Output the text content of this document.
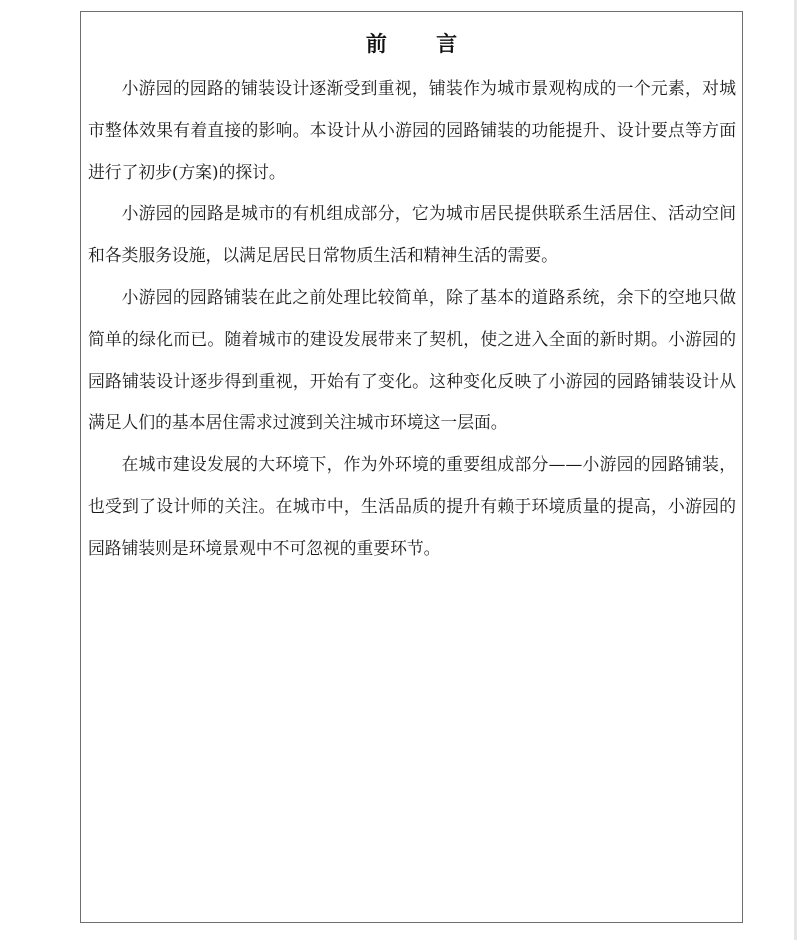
前 言

小游园的园路的铺装设计逐渐受到重视，铺装作为城市景观构成的一个元素，对城市整体效果有着直接的影响。本设计从小游园的园路铺装的功能提升、设计要点等方面进行了初步(方案)的探讨。

小游园的园路是城市的有机组成部分，它为城市居民提供联系生活居住、活动空间和各类服务设施，以满足居民日常物质生活和精神生活的需要。

小游园的园路铺装在此之前处理比较简单，除了基本的道路系统，余下的空地只做简单的绿化而已。随着城市的建设发展带来了契机，使之进入全面的新时期。小游园的园路铺装设计逐步得到重视，开始有了变化。这种变化反映了小游园的园路铺装设计从满足人们的基本居住需求过渡到关注城市环境这一层面。

在城市建设发展的大环境下，作为外环境的重要组成部分——小游园的园路铺装，也受到了设计师的关注。在城市中，生活品质的提升有赖于环境质量的提高，小游园的园路铺装则是环境景观中不可忽视的重要环节。
